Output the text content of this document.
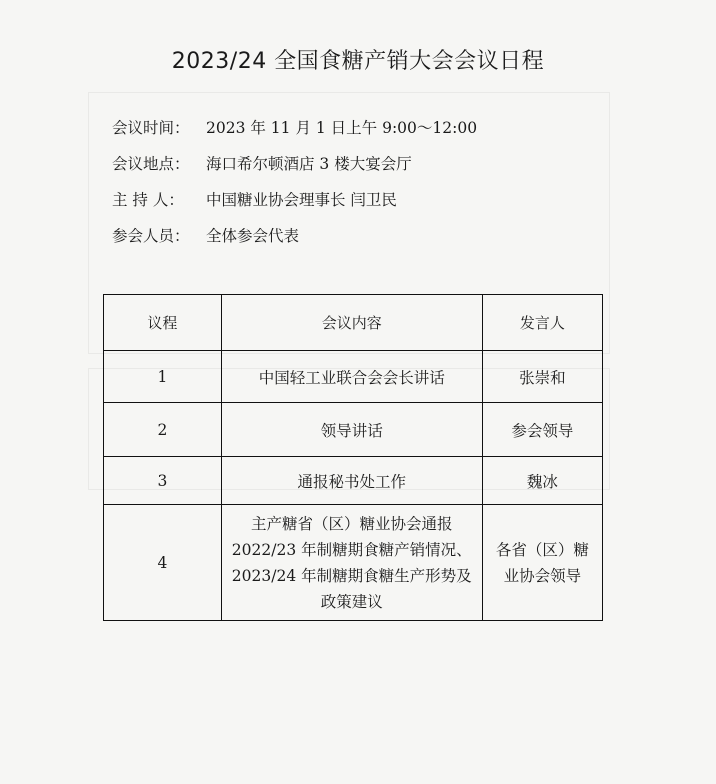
2023/24 全国食糖产销大会会议日程
会议时间： 2023 年 11 月 1 日上午 9:00～12:00
会议地点： 海口希尔顿酒店 3 楼大宴会厅
主 持 人： 中国糖业协会理事长 闫卫民
参会人员： 全体参会代表
议程	会议内容	发言人
1	中国轻工业联合会会长讲话	张崇和
2	领导讲话	参会领导
3	通报秘书处工作	魏冰
4	主产糖省（区）糖业协会通报 2022/23 年制糖期食糖产销情况、2023/24 年制糖期食糖生产形势及政策建议	各省（区）糖业协会领导
